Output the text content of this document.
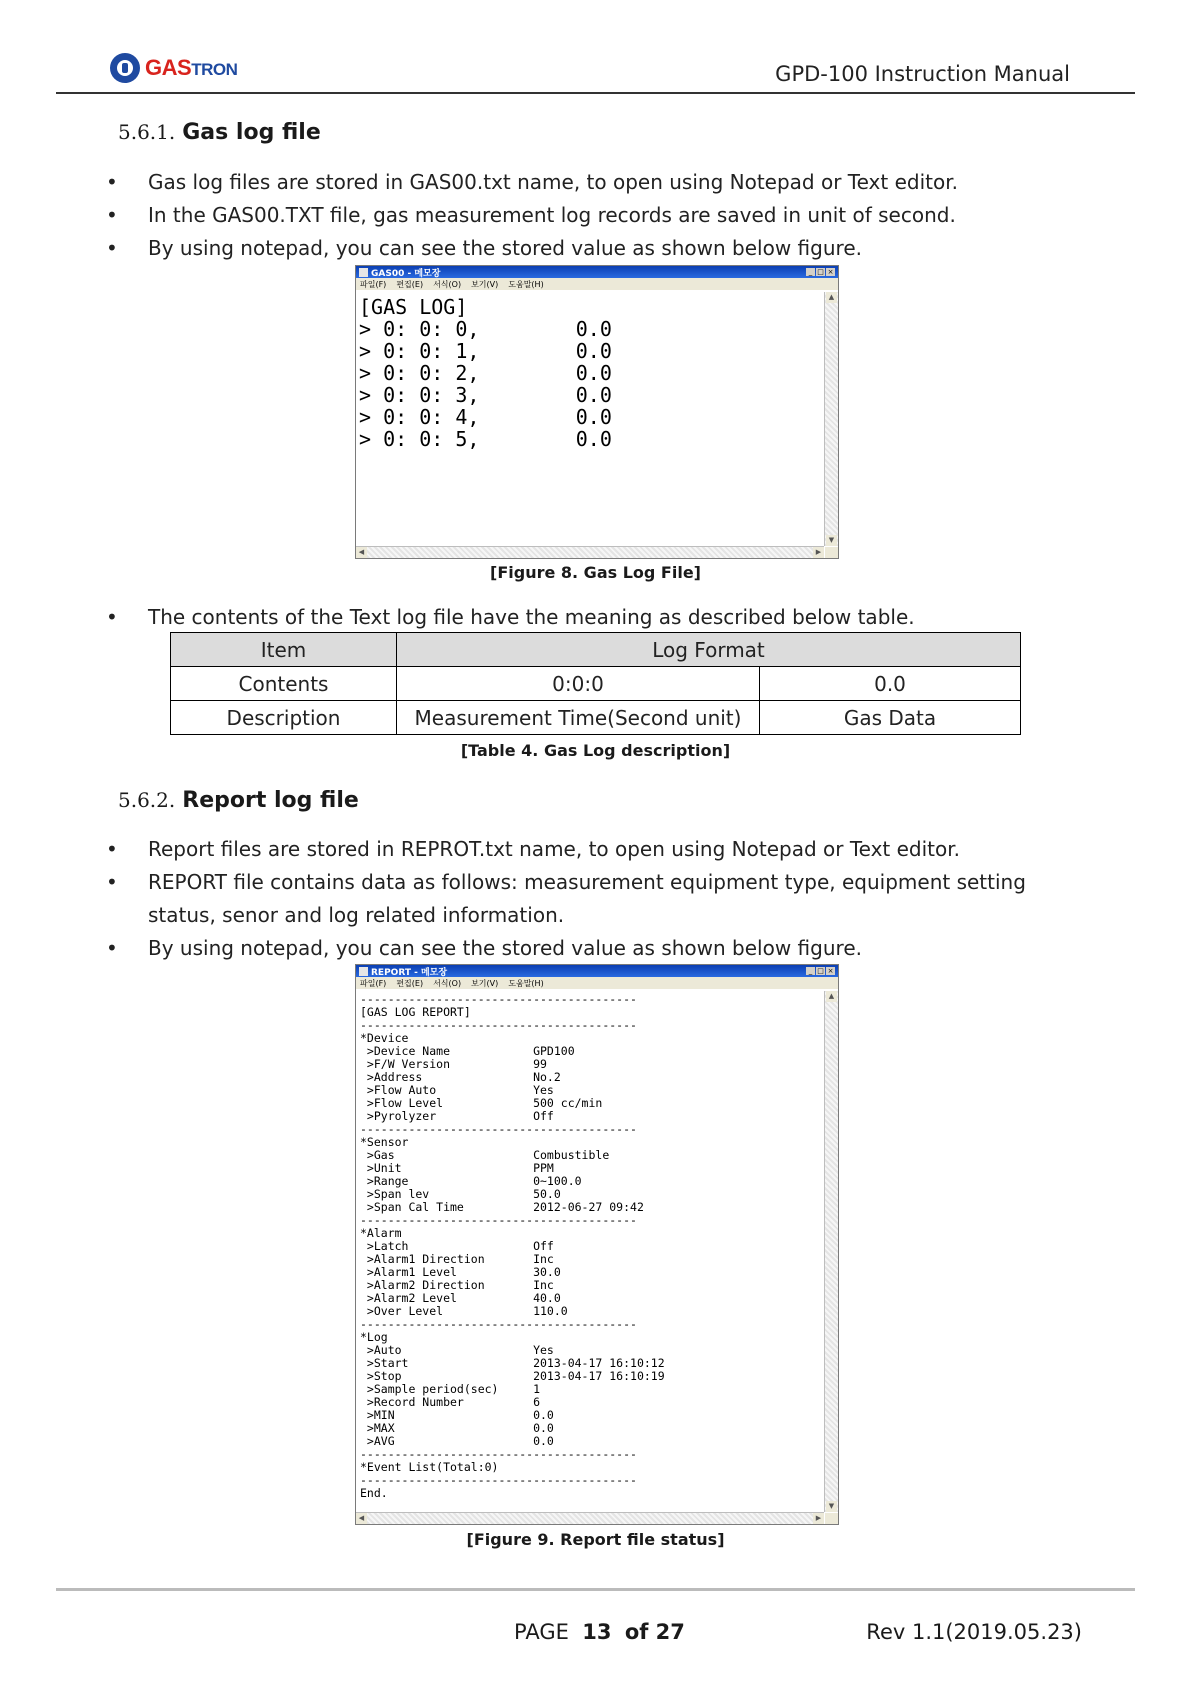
GASTRON	GPD-100 Instruction Manual
5.6.1. Gas log file
• Gas log files are stored in GAS00.txt name, to open using Notepad or Text editor.
• In the GAS00.TXT file, gas measurement log records are saved in unit of second.
• By using notepad, you can see the stored value as shown below figure.
GAS00 - 메모장	_ □ ×
파일(F) 편집(E) 서식(O) 보기(V) 도움말(H)
[GAS LOG]
> 0: 0: 0,        0.0
> 0: 0: 1,        0.0
> 0: 0: 2,        0.0
> 0: 0: 3,        0.0
> 0: 0: 4,        0.0
> 0: 0: 5,        0.0
▲
▼
◀	▶
[Figure 8. Gas Log File]
• The contents of the Text log file have the meaning as described below table.
Item	Log Format	
Contents	0:0:0	0.0
Description	Measurement Time(Second unit)	Gas Data
[Table 4. Gas Log description]
5.6.2. Report log file
• Report files are stored in REPROT.txt name, to open using Notepad or Text editor.
• REPORT file contains data as follows: measurement equipment type, equipment setting
status, senor and log related information.
• By using notepad, you can see the stored value as shown below figure.
REPORT - 메모장	_ □ ×
파일(F) 편집(E) 서식(O) 보기(V) 도움말(H)
----------------------------------------
[GAS LOG REPORT]
----------------------------------------
*Device
>Device Name            GPD100
>F/W Version            99
>Address                No.2
>Flow Auto              Yes
>Flow Level             500 cc/min
>Pyrolyzer              Off
----------------------------------------
*Sensor
>Gas                    Combustible
>Unit                   PPM
>Range                  0~100.0
>Span lev               50.0
>Span Cal Time          2012-06-27 09:42
----------------------------------------
*Alarm
>Latch                  Off
>Alarm1 Direction       Inc
>Alarm1 Level           30.0
>Alarm2 Direction       Inc
>Alarm2 Level           40.0
>Over Level             110.0
----------------------------------------
*Log
>Auto                   Yes
>Start                  2013-04-17 16:10:12
>Stop                   2013-04-17 16:10:19
>Sample period(sec)     1
>Record Number          6
>MIN                    0.0
>MAX                    0.0
>AVG                    0.0
----------------------------------------
*Event List(Total:0)
----------------------------------------
End.
▲
▼
◀	▶
[Figure 9. Report file status]
PAGE 13 of 27	Rev 1.1(2019.05.23)
